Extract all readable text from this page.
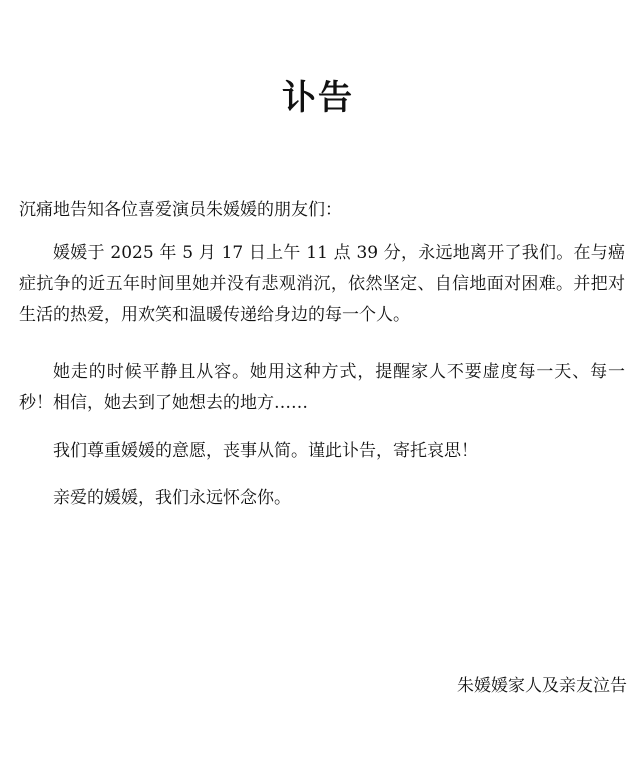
讣告
沉痛地告知各位喜爱演员朱媛媛的朋友们：
媛媛于 2025 年 5 月 17 日上午 11 点 39 分，永远地离开了我们。在与癌症抗争的近五年时间里她并没有悲观消沉，依然坚定、自信地面对困难。并把对生活的热爱，用欢笑和温暖传递给身边的每一个人。
她走的时候平静且从容。她用这种方式，提醒家人不要虚度每一天、每一秒！相信，她去到了她想去的地方……
我们尊重媛媛的意愿，丧事从简。谨此讣告，寄托哀思！
亲爱的媛媛，我们永远怀念你。
朱媛媛家人及亲友泣告
